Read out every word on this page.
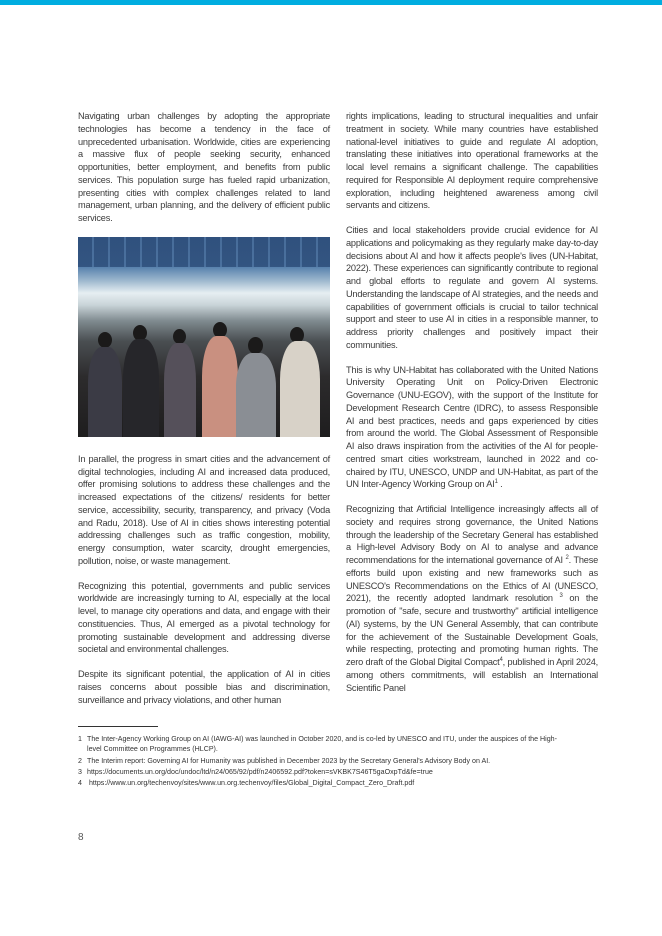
Navigating urban challenges by adopting the appropriate technologies has become a tendency in the face of unprecedented urbanisation. Worldwide, cities are experiencing a massive flux of people seeking security, enhanced opportunities, better employment, and benefits from public services. This population surge has fueled rapid urbanization, presenting cities with complex challenges related to land management, urban planning, and the delivery of efficient public services.

In parallel, the progress in smart cities and the advancement of digital technologies, including AI and increased data produced, offer promising solutions to address these challenges and the increased expectations of the citizens/ residents for better service, accessibility, security, transparency, and privacy (Voda and Radu, 2018). Use of AI in cities shows interesting potential addressing challenges such as traffic congestion, mobility, energy consumption, water scarcity, drought emergencies, pollution, noise, or waste management.

Recognizing this potential, governments and public services worldwide are increasingly turning to AI, especially at the local level, to manage city operations and data, and engage with their constituencies. Thus, AI emerged as a pivotal technology for promoting sustainable development and addressing diverse societal and environmental challenges.

Despite its significant potential, the application of AI in cities raises concerns about possible bias and discrimination, surveillance and privacy violations, and other human

rights implications, leading to structural inequalities and unfair treatment in society. While many countries have established national-level initiatives to guide and regulate AI adoption, translating these initiatives into operational frameworks at the local level remains a significant challenge. The capabilities required for Responsible AI deployment require comprehensive exploration, including heightened awareness among civil servants and citizens.

Cities and local stakeholders provide crucial evidence for AI applications and policymaking as they regularly make day-to-day decisions about AI and how it affects people's lives (UN-Habitat, 2022). These experiences can significantly contribute to regional and global efforts to regulate and govern AI systems. Understanding the landscape of AI strategies, and the needs and capabilities of government officials is crucial to tailor technical support and steer to use AI in cities in a responsible manner, to address priority challenges and positively impact their communities.

This is why UN-Habitat has collaborated with the United Nations University Operating Unit on Policy-Driven Electronic Governance (UNU-EGOV), with the support of the Institute for Development Research Centre (IDRC), to assess Responsible AI and best practices, needs and gaps experienced by cities from around the world. The Global Assessment of Responsible AI also draws inspiration from the activities of the AI for people-centred smart cities workstream, launched in 2022 and co-chaired by ITU, UNESCO, UNDP and UN-Habitat, as part of the UN Inter-Agency Working Group on $AI^1$ .

Recognizing that Artificial Intelligence increasingly affects all of society and requires strong governance, the United Nations through the leadership of the Secretary General has established a High-level Advisory Body on AI to analyse and advance recommendations for the international governance of AI $^2$. These efforts build upon existing and new frameworks such as UNESCO's Recommendations on the Ethics of AI (UNESCO, 2021), the recently adopted landmark resolution $^3$ on the promotion of "safe, secure and trustworthy" artificial intelligence (AI) systems, by the UN General Assembly, that can contribute for the achievement of the Sustainable Development Goals, while respecting, protecting and promoting human rights. The zero draft of the Global Digital Compact$^4$, published in April 2024, among others commitments, will establish an International Scientific Panel

1 The Inter-Agency Working Group on AI (IAWG-AI) was launched in October 2020, and is co-led by UNESCO and ITU, under the auspices of the High-
level Committee on Programmes (HLCP).

2 The Interim report: Governing AI for Humanity was published in December 2023 by the Secretary General's Advisory Body on AI.

3 https://documents.un.org/doc/undoc/ltd/n24/065/92/pdf/n2406592.pdf?token=sVKBK7S46T5gaOxpTd&fe=true

4 https://www.un.org/techenvoy/sites/www.un.org.techenvoy/files/Global_Digital_Compact_Zero_Draft.pdf

8
